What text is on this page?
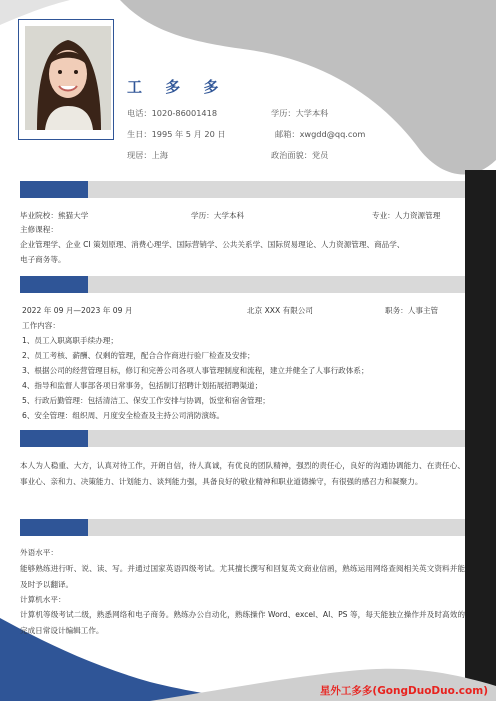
工 多 多
电话：1020-86001418	学历：大学本科
生日：1995 年 5 月 20 日	邮箱：xwgdd@qq.com
现居：上海	政治面貌：党员
毕业院校：熊猫大学	学历：大学本科	专业：人力资源管理
主修课程：
企业管理学、企业 CI 策划原理、消费心理学、国际营销学、公共关系学、国际贸易理论、人力资源管理、商品学、
电子商务等。
2022 年 09 月—2023 年 09 月	北京 XXX 有限公司	职务：人事主管
工作内容：
1、员工入职离职手续办理；
2、员工考核、薪酬、仅剩的管理，配合合作商进行验厂检查及安排；
3、根据公司的经营管理目标，修订和完善公司各项人事管理制度和流程，建立并健全了人事行政体系；
4、指导和监督人事部各项日常事务，包括制订招聘计划拓展招聘渠道；
5、行政后勤管理：包括清洁工、保安工作安排与协调，饭堂和宿舍管理；
6、安全管理：组织周、月度安全检查及主持公司消防演练。
本人为人稳重、大方，认真对待工作，开朗自信，待人真诚，有优良的团队精神，强烈的责任心，良好的沟通协调能力、在责任心、事业心、亲和力、决策能力、计划能力、谈判能力强，具备良好的敬业精神和职业道德操守，有很强的感召力和凝聚力。
外语水平：
能够熟练进行听、说、读、写。并通过国家英语四级考试。尤其擅长撰写和回复英文商业信函，熟练运用网络查阅相关英文资料并能及时予以翻译。
计算机水平：
计算机等级考试二级，熟悉网络和电子商务。熟练办公自动化，熟练操作 Word、excel、AI、PS 等，每天能独立操作并及时高效的完成日常设计编辑工作。
星外工多多(GongDuoDuo.com)
